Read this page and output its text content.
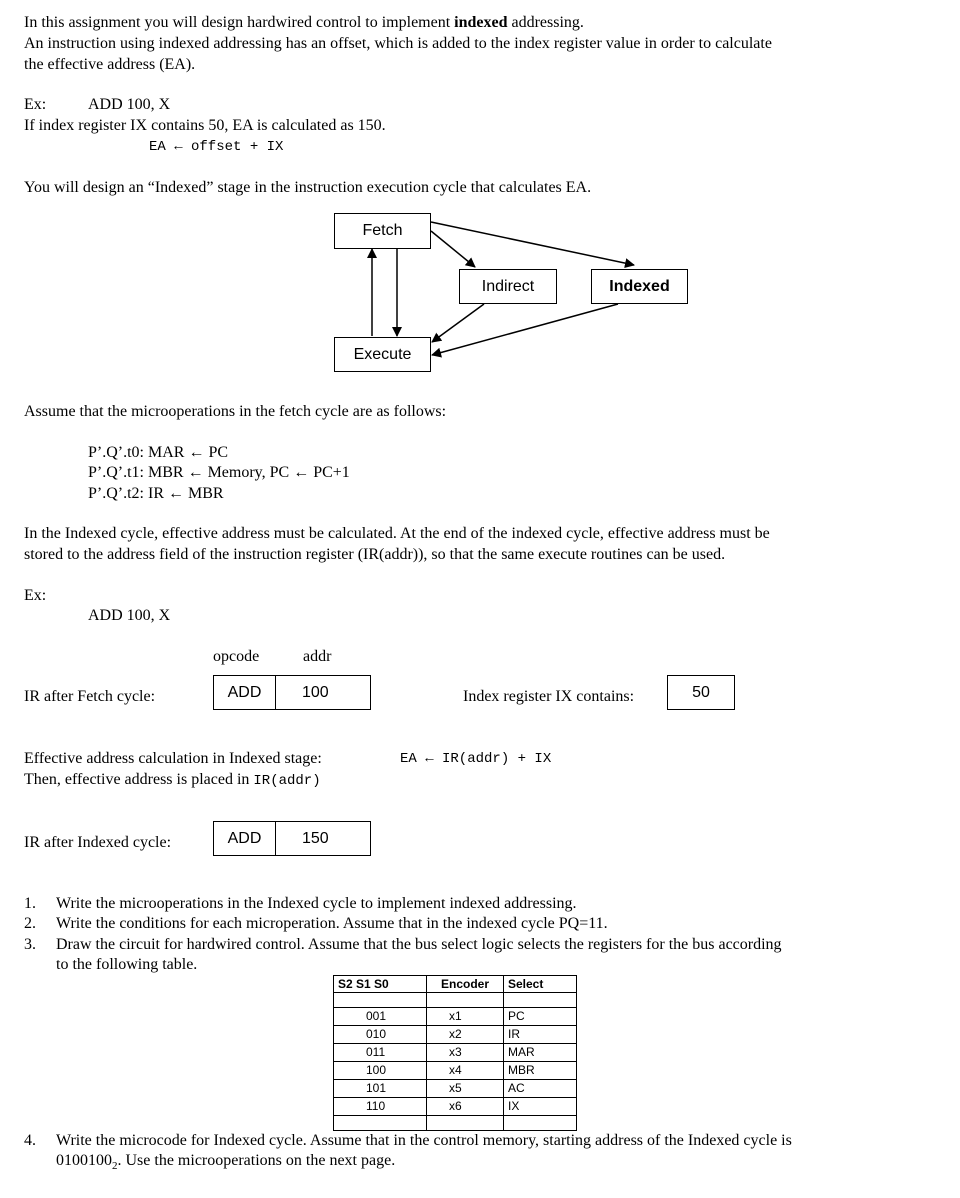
In this assignment you will design hardwired control to implement indexed addressing.
An instruction using indexed addressing has an offset, which is added to the index register value in order to calculate
the effective address (EA).
Ex:	ADD 100, X
If index register IX contains 50, EA is calculated as 150.
EA ← offset + IX
You will design an “Indexed” stage in the instruction execution cycle that calculates EA.
Fetch
Indirect	Indexed
Execute
Assume that the microoperations in the fetch cycle are as follows:
P’.Q’.t0: MAR ← PC
P’.Q’.t1: MBR ← Memory, PC ← PC+1
P’.Q’.t2: IR ← MBR
In the Indexed cycle, effective address must be calculated. At the end of the indexed cycle, effective address must be
stored to the address field of the instruction register (IR(addr)), so that the same execute routines can be used.
Ex:
ADD 100, X
opcode	addr
IR after Fetch cycle:	ADD	100	Index register IX contains:	50
Effective address calculation in Indexed stage:
Then, effective address is placed in IR(addr)
EA ← IR(addr) + IX
IR after Indexed cycle:	ADD	150
1.	Write the microoperations in the Indexed cycle to implement indexed addressing.
2.	Write the conditions for each microperation. Assume that in the indexed cycle PQ=11.
3.	Draw the circuit for hardwired control. Assume that the bus select logic selects the registers for the bus according
to the following table.
S2 S1 S0	Encoder	Select

001	x1	PC
010	x2	IR
011	x3	MAR
100	x4	MBR
101	x5	AC
110	x6	IX

4.	Write the microcode for Indexed cycle. Assume that in the control memory, starting address of the Indexed cycle is
$0100100_2$. Use the microoperations on the next page.
